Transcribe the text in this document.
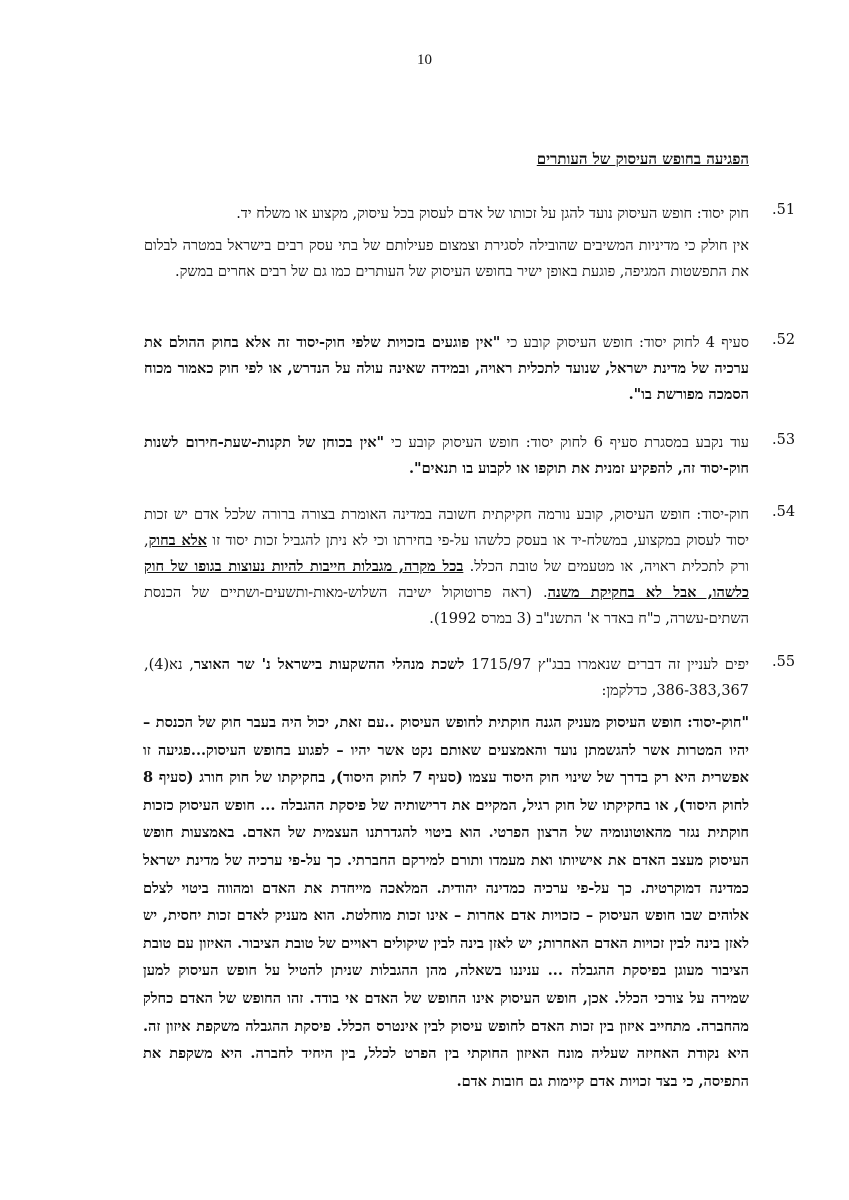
10
הפגיעה בחופש העיסוק של העותרים
.51
חוק יסוד: חופש העיסוק נועד להגן על זכותו של אדם לעסוק בכל עיסוק, מקצוע או משלח יד.
אין חולק כי מדיניות המשיבים שהובילה לסגירת וצמצום פעילותם של בתי עסק רבים בישראל במטרה לבלום את התפשטות המגיפה, פוגעת באופן ישיר בחופש העיסוק של העותרים כמו גם של רבים אחרים במשק.
.52
סעיף 4 לחוק יסוד: חופש העיסוק קובע כי "אין פוגעים בזכויות שלפי חוק-יסוד זה אלא בחוק ההולם את ערכיה של מדינת ישראל, שנועד לתכלית ראויה, ובמידה שאינה עולה על הנדרש, או לפי חוק כאמור מכוח הסמכה מפורשת בו".
.53
עוד נקבע במסגרת סעיף 6 לחוק יסוד: חופש העיסוק קובע כי "אין בכוחן של תקנות-שעת-חירום לשנות חוק-יסוד זה, להפקיע זמנית את תוקפו או לקבוע בו תנאים".
.54
חוק-יסוד: חופש העיסוק, קובע נורמה חקיקתית חשובה במדינה האומרת בצורה ברורה שלכל אדם יש זכות יסוד לעסוק במקצוע, במשלח-יד או בעסק כלשהו על-פי בחירתו וכי לא ניתן להגביל זכות יסוד זו אלא בחוק, ורק לתכלית ראויה, או מטעמים של טובת הכלל. בכל מקרה, מגבלות חייבות להיות נעוצות בגופו של חוק כלשהו, אבל לא בחקיקת משנה. (ראה פרוטוקול ישיבה השלוש-מאות-ותשעים-ושתיים של הכנסת השתים-עשרה, כ"ח באדר א' התשנ"ב (3 במרס 1992).
.55
יפים לעניין זה דברים שנאמרו בבג"ץ 1715/97 לשכת מנהלי ההשקעות בישראל נ' שר האוצר, נא(4), 386-383,367, כדלקמן:
"חוק-יסוד: חופש העיסוק מעניק הגנה חוקתית לחופש העיסוק ..עם זאת, יכול היה בעבר חוק של הכנסת – יהיו המטרות אשר להגשמתן נועד והאמצעים שאותם נקט אשר יהיו – לפגוע בחופש העיסוק...פגיעה זו אפשרית היא רק בדרך של שינוי חוק היסוד עצמו (סעיף 7 לחוק היסוד), בחקיקתו של חוק חורג (סעיף 8 לחוק היסוד), או בחקיקתו של חוק רגיל, המקיים את דרישותיה של פיסקת ההגבלה ... חופש העיסוק כזכות חוקתית נגזר מהאוטונומיה של הרצון הפרטי. הוא ביטוי להגדרתנו העצמית של האדם. באמצעות חופש העיסוק מעצב האדם את אישיותו ואת מעמדו ותורם למירקם החברתי. כך על-פי ערכיה של מדינת ישראל כמדינה דמוקרטית. כך על-פי ערכיה כמדינה יהודית. המלאכה מייחדת את האדם ומהווה ביטוי לצלם אלוהים שבו חופש העיסוק – כזכויות אדם אחרות – אינו זכות מוחלטת. הוא מעניק לאדם זכות יחסית, יש לאזן בינה לבין זכויות האדם האחרות; יש לאזן בינה לבין שיקולים ראויים של טובת הציבור. האיזון עם טובת הציבור מעוגן בפיסקת ההגבלה ... עניננו בשאלה, מהן ההגבלות שניתן להטיל על חופש העיסוק למען שמירה על צורכי הכלל. אכן, חופש העיסוק אינו החופש של האדם אי בודד. זהו החופש של האדם כחלק מהחברה. מתחייב איזון בין זכות האדם לחופש עיסוק לבין אינטרס הכלל. פיסקת ההגבלה משקפת איזון זה. היא נקודת האחיזה שעליה מונח האיזון החוקתי בין הפרט לכלל, בין היחיד לחברה. היא משקפת את התפיסה, כי בצד זכויות אדם קיימות גם חובות אדם.
